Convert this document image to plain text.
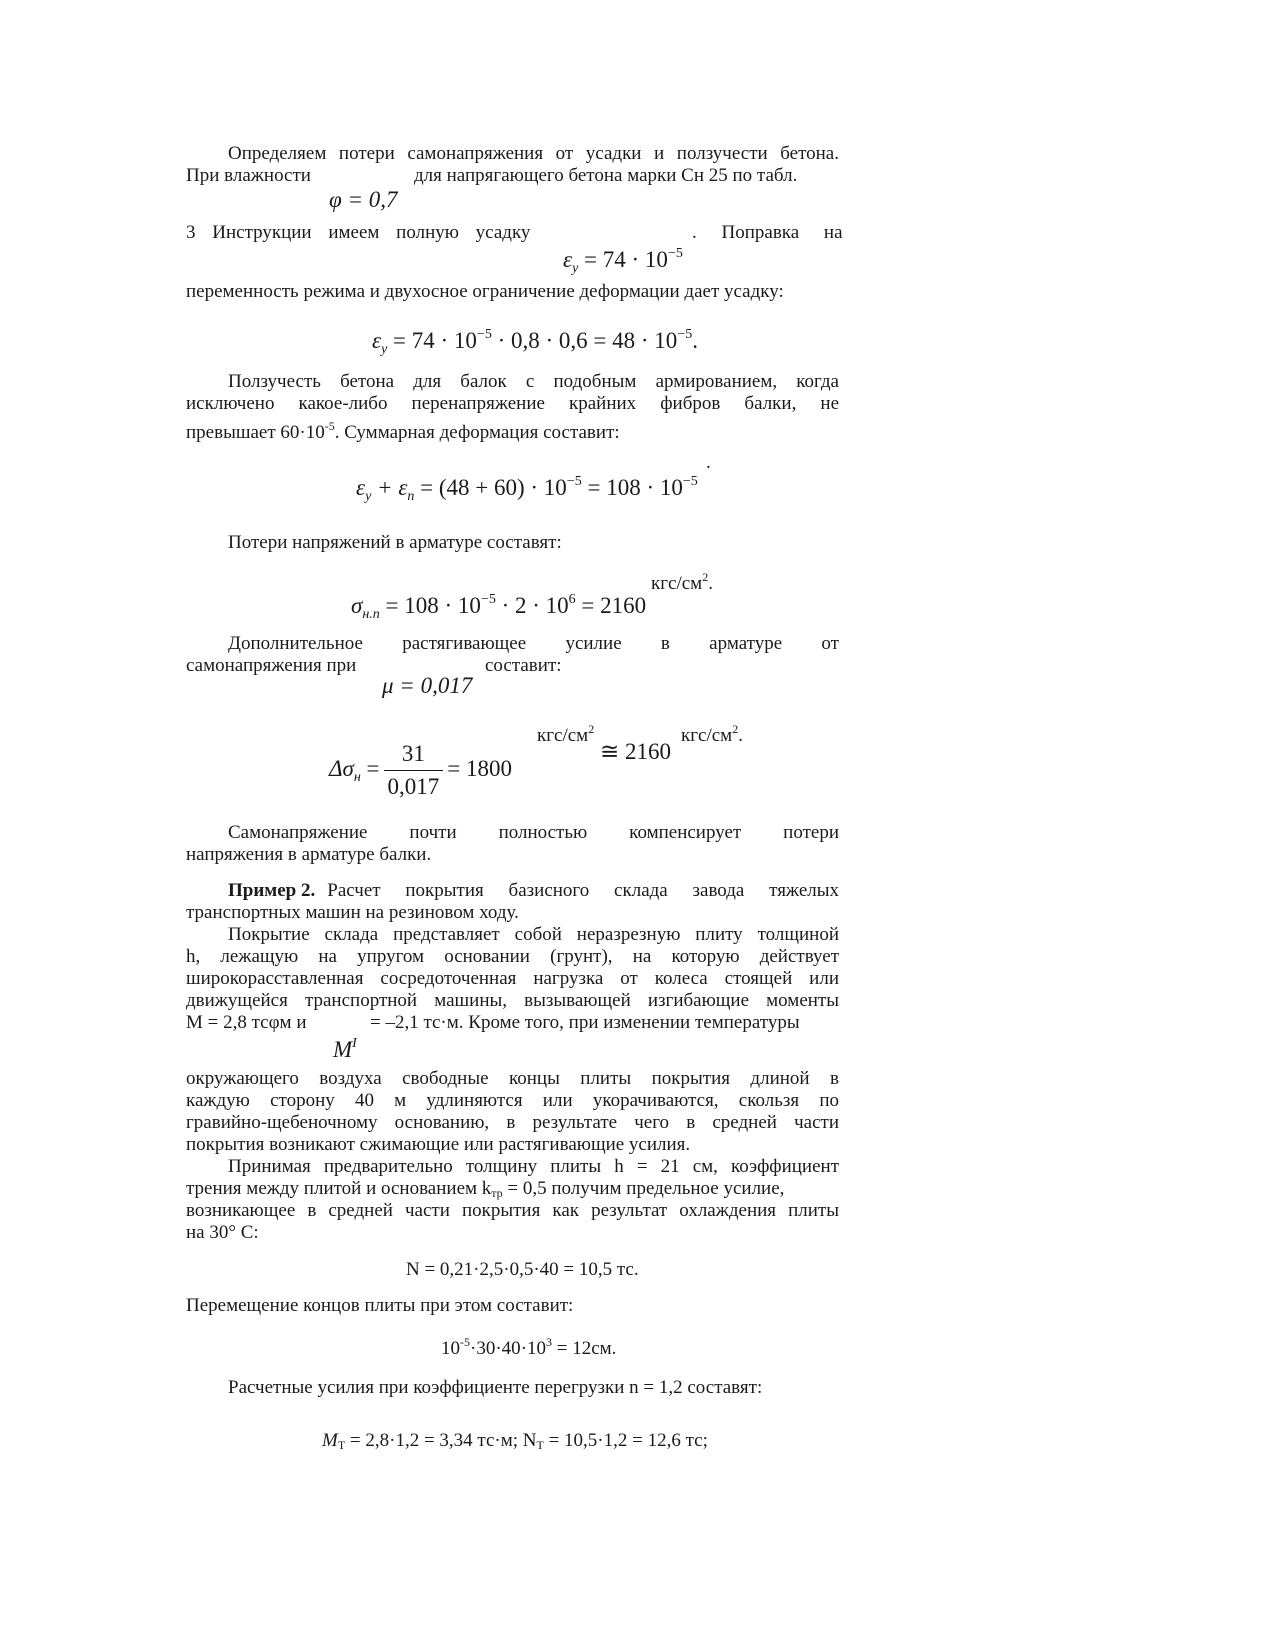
Определяем потери самонапряжения от усадки и ползучести бетона.
При влажности	для напрягающего бетона марки Сн 25 по табл.
φ = 0,7
3 Инструкции имеем полную усадку	. Поправка на
$\varepsilon_y = 74 \cdot 10^{-5}$
переменность режима и двухосное ограничение деформации дает усадку:
$\varepsilon_y = 74 \cdot 10^{-5} \cdot 0,8 \cdot 0,6 = 48 \cdot 10^{-5}$.
Ползучесть бетона для балок с подобным армированием, когда
исключено какое-либо перенапряжение крайних фибров балки, не
превышает $60\cdot 10^{-5}$. Суммарная деформация составит:
$\varepsilon_y + \varepsilon_n = (48 + 60) \cdot 10^{-5} = 108 \cdot 10^{-5}$
.
Потери напряжений в арматуре составят:
кгс/$см^2$.
$\sigma_{н.п} = 108 \cdot 10^{-5} \cdot 2 \cdot 10^6 = 2160$
Дополнительное растягивающее усилие в арматуре от
самонапряжения при	составит:
μ = 0,017
кгс/$см^2$	кгс/$см^2$.
≅ 2160
$\Delta\sigma_н = \frac{31}{0,017} = 1800$
Самонапряжение почти полностью компенсирует потери
напряжения в арматуре балки.
Пример 2. Расчет покрытия базисного склада завода тяжелых
транспортных машин на резиновом ходу.
Покрытие склада представляет собой неразрезную плиту толщиной
h, лежащую на упругом основании (грунт), на которую действует
широкорасставленная сосредоточенная нагрузка от колеса стоящей или
движущейся транспортной машины, вызывающей изгибающие моменты
M = 2,8 тсφм и	= –2,1 тс·м. Кроме того, при изменении температуры
$M^I$
окружающего воздуха свободные концы плиты покрытия длиной в
каждую сторону 40 м удлиняются или укорачиваются, скользя по
гравийно-щебеночному основанию, в результате чего в средней части
покрытия возникают сжимающие или растягивающие усилия.
Принимая предварительно толщину плиты h = 21 см, коэффициент
трения между плитой и основанием kтр = 0,5 получим предельное усилие,
возникающее в средней части покрытия как результат охлаждения плиты
на 30° С:
N = 0,21·2,5·0,5·40 = 10,5 тс.
Перемещение концов плиты при этом составит:
$10^{-5}\cdot 30\cdot 40\cdot 10^3 = 12см$.
Расчетные усилия при коэффициенте перегрузки n = 1,2 составят:
MT = 2,8·1,2 = 3,34 тс·м; NT = 10,5·1,2 = 12,6 тс;
